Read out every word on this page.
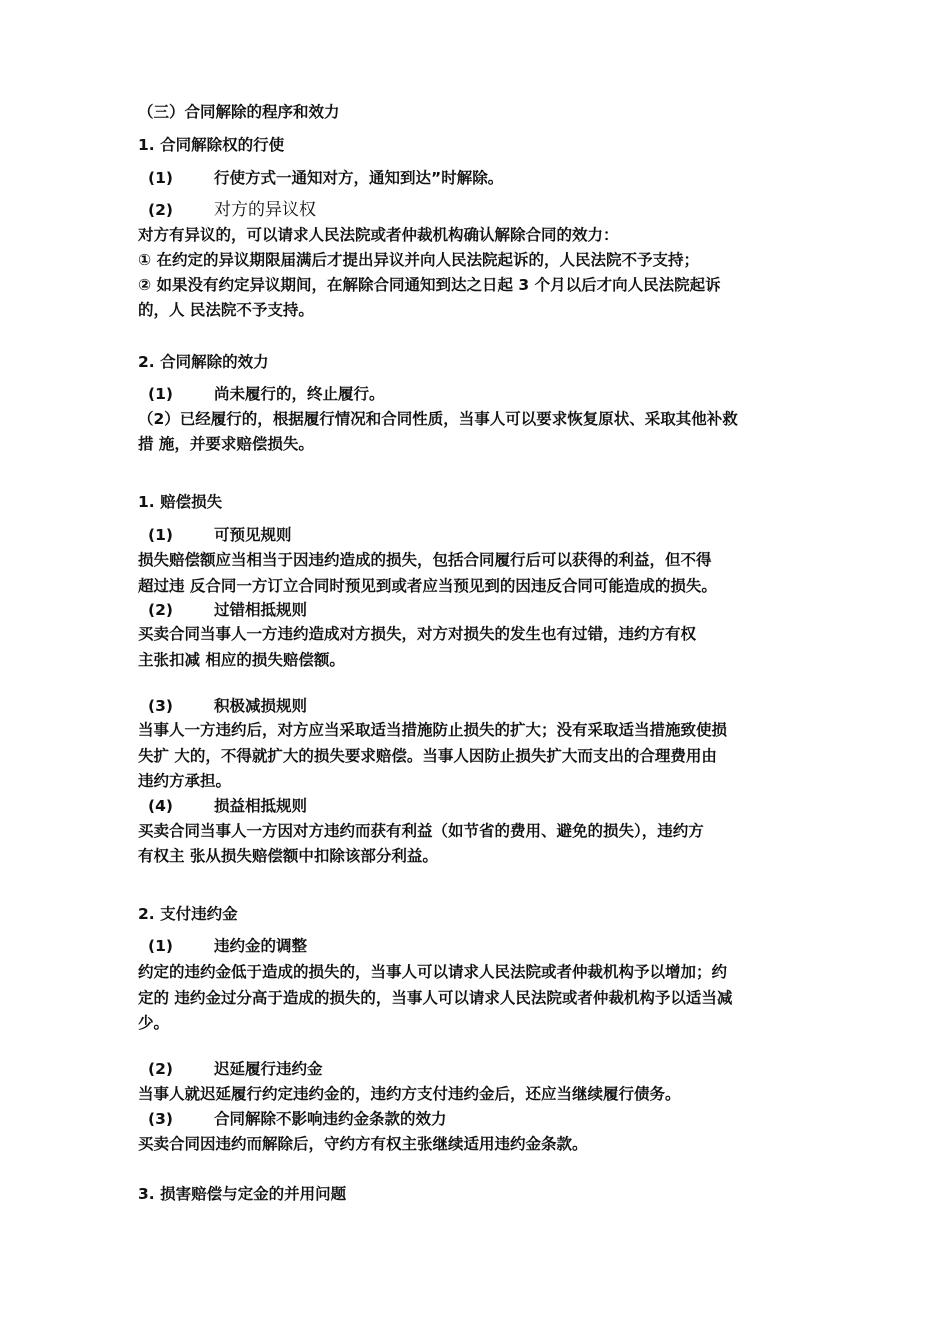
（三）合同解除的程序和效力
1. 合同解除权的行使
(1)	行使方式一通知对方，通知到达”时解除。
(2) 对方的异议权
对方有异议的，可以请求人民法院或者仲裁机构确认解除合同的效力：
① 在约定的异议期限届满后才提出异议并向人民法院起诉的，人民法院不予支持；
② 如果没有约定异议期间，在解除合同通知到达之日起 3 个月以后才向人民法院起诉
的，人 民法院不予支持。
2. 合同解除的效力
(1)	尚未履行的，终止履行。
（2）已经履行的，根据履行情况和合同性质，当事人可以要求恢复原状、采取其他补救
措 施，并要求赔偿损失。
1. 赔偿损失
(1)	可预见规则
损失赔偿额应当相当于因违约造成的损失，包括合同履行后可以获得的利益，但不得
超过违 反合同一方订立合同时预见到或者应当预见到的因违反合同可能造成的损失。
(2)	过错相抵规则
买卖合同当事人一方违约造成对方损失，对方对损失的发生也有过错，违约方有权
主张扣减 相应的损失赔偿额。
(3)	积极减损规则
当事人一方违约后，对方应当采取适当措施防止损失的扩大；没有采取适当措施致使损
失扩 大的，不得就扩大的损失要求赔偿。当事人因防止损失扩大而支出的合理费用由
违约方承担。
(4)	损益相抵规则
买卖合同当事人一方因对方违约而获有利益（如节省的费用、避免的损失），违约方
有权主 张从损失赔偿额中扣除该部分利益。
2. 支付违约金
(1)	违约金的调整
约定的违约金低于造成的损失的，当事人可以请求人民法院或者仲裁机构予以增加；约
定的 违约金过分高于造成的损失的，当事人可以请求人民法院或者仲裁机构予以适当减
少。
(2)	迟延履行违约金
当事人就迟延履行约定违约金的，违约方支付违约金后，还应当继续履行债务。
(3)	合同解除不影响违约金条款的效力
买卖合同因违约而解除后，守约方有权主张继续适用违约金条款。
3. 损害赔偿与定金的并用问题
